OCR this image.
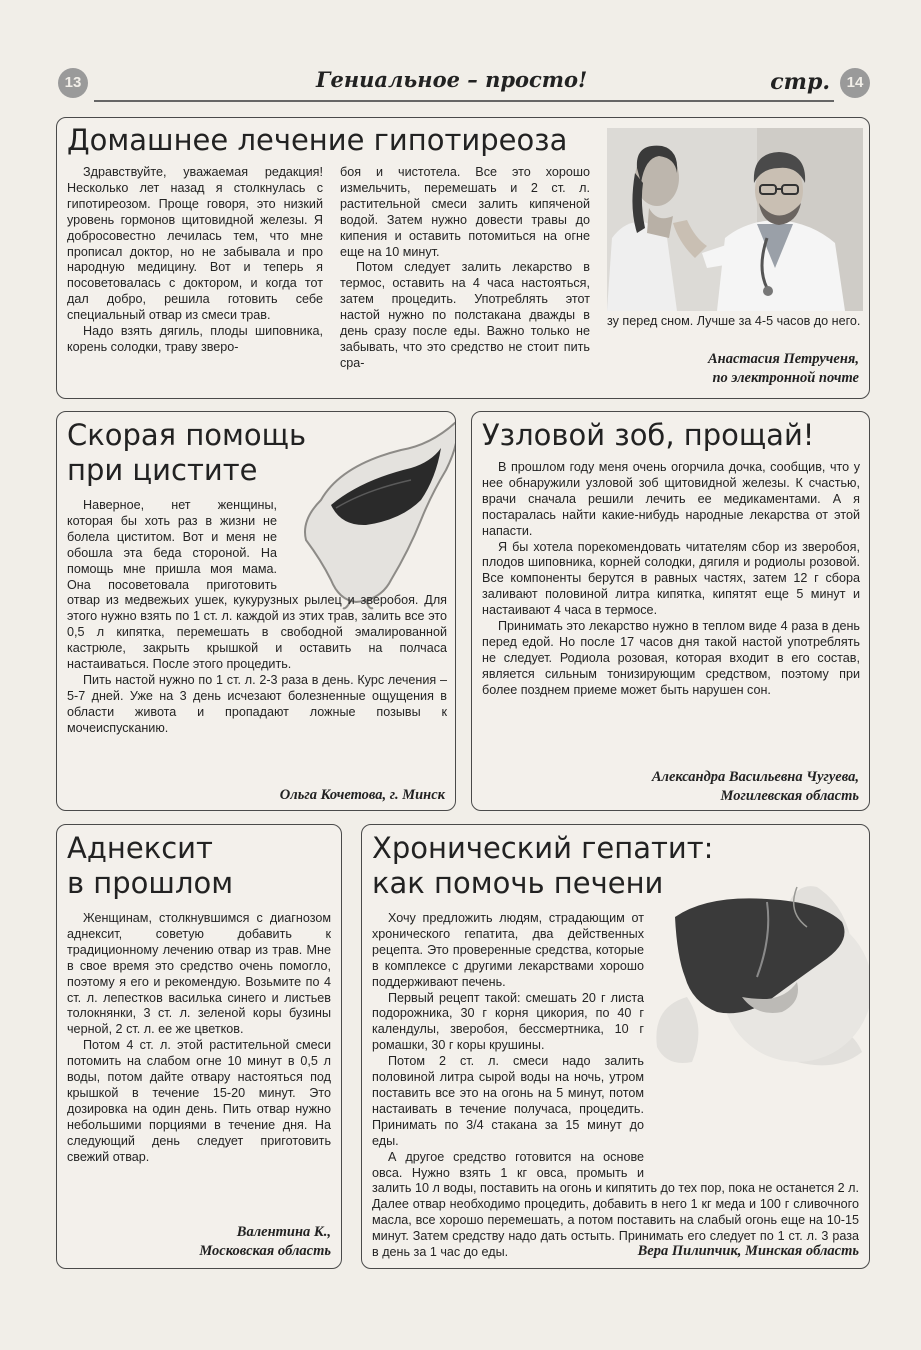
13	Гениальное – просто!	стр.	14
Домашнее лечение гипотиреоза

Здравствуйте, уважаемая редакция! Несколько лет назад я столкнулась с гипотиреозом. Проще говоря, это низкий уровень гормонов щитовидной железы. Я добросовестно лечилась тем, что мне прописал доктор, но не забывала и про народную медицину. Вот и теперь я посоветовалась с доктором, и когда тот дал добро, решила готовить себе специальный отвар из смеси трав.

Надо взять дягиль, плоды шиповника, корень солодки, траву зверо-

боя и чистотела. Все это хорошо измельчить, перемешать и 2 ст. л. растительной смеси залить кипяченой водой. Затем нужно довести травы до кипения и оставить потомиться на огне еще на 10 минут.

Потом следует залить лекарство в термос, оставить на 4 часа настояться, затем процедить. Употреблять этот настой нужно по полстакана дважды в день сразу после еды. Важно только не забывать, что это средство не стоит пить сра-

зу перед сном. Лучше за 4-5 часов до него.

Анастасия Петрученя,
по электронной почте
Скорая помощь
при цистите

Наверное, нет женщины, которая бы хоть раз в жизни не болела циститом. Вот и меня не обошла эта беда стороной. На помощь мне пришла моя мама. Она посоветовала приготовить отвар из медвежьих ушек, кукурузных рылец и зверобоя. Для этого нужно взять по 1 ст. л. каждой из этих трав, залить все это 0,5 л кипятка, перемешать в свободной эмалированной кастрюле, закрыть крышкой и оставить на полчаса настаиваться. После этого процедить.

Пить настой нужно по 1 ст. л. 2-3 раза в день. Курс лечения – 5-7 дней. Уже на 3 день исчезают болезненные ощущения в области живота и пропадают ложные позывы к мочеиспусканию.

Ольга Кочетова, г. Минск
Узловой зоб, прощай!

В прошлом году меня очень огорчила дочка, сообщив, что у нее обнаружили узловой зоб щитовидной железы. К счастью, врачи сначала решили лечить ее медикаментами. А я постаралась найти какие-нибудь народные лекарства от этой напасти.

Я бы хотела порекомендовать читателям сбор из зверобоя, плодов шиповника, корней солодки, дягиля и родиолы розовой. Все компоненты берутся в равных частях, затем 12 г сбора заливают половиной литра кипятка, кипятят еще 5 минут и настаивают 4 часа в термосе.

Принимать это лекарство нужно в теплом виде 4 раза в день перед едой. Но после 17 часов дня такой настой употреблять не следует. Родиола розовая, которая входит в его состав, является сильным тонизирующим средством, поэтому при более позднем приеме может быть нарушен сон.

Александра Васильевна Чугуева,
Могилевская область
Аднексит
в прошлом

Женщинам, столкнувшимся с диагнозом аднексит, советую добавить к традиционному лечению отвар из трав. Мне в свое время это средство очень помогло, поэтому я его и рекомендую. Возьмите по 4 ст. л. лепестков василька синего и листьев толокнянки, 3 ст. л. зеленой коры бузины черной, 2 ст. л. ее же цветков.

Потом 4 ст. л. этой растительной смеси потомить на слабом огне 10 минут в 0,5 л воды, потом дайте отвару настояться под крышкой в течение 15-20 минут. Это дозировка на один день. Пить отвар нужно небольшими порциями в течение дня. На следующий день следует приготовить свежий отвар.

Валентина К.,
Московская область
Хронический гепатит:
как помочь печени

Хочу предложить людям, страдающим от хронического гепатита, два действенных рецепта. Это проверенные средства, которые в комплексе с другими лекарствами хорошо поддерживают печень.

Первый рецепт такой: смешать 20 г листа подорожника, 30 г корня цикория, по 40 г календулы, зверобоя, бессмертника, 10 г ромашки, 30 г коры крушины.

Потом 2 ст. л. смеси надо залить половиной литра сырой воды на ночь, утром поставить все это на огонь на 5 минут, потом настаивать в течение получаса, процедить. Принимать по 3/4 стакана за 15 минут до еды.

А другое средство готовится на основе овса. Нужно взять 1 кг овса, промыть и залить 10 л воды, поставить на огонь и кипятить до тех пор, пока не останется 2 л. Далее отвар необходимо процедить, добавить в него 1 кг меда и 100 г сливочного масла, все хорошо перемешать, а потом поставить на слабый огонь еще на 10-15 минут. Затем средству надо дать остыть. Принимать его следует по 1 ст. л. 3 раза в день за 1 час до еды.	Вера Пилипчик, Минская область
